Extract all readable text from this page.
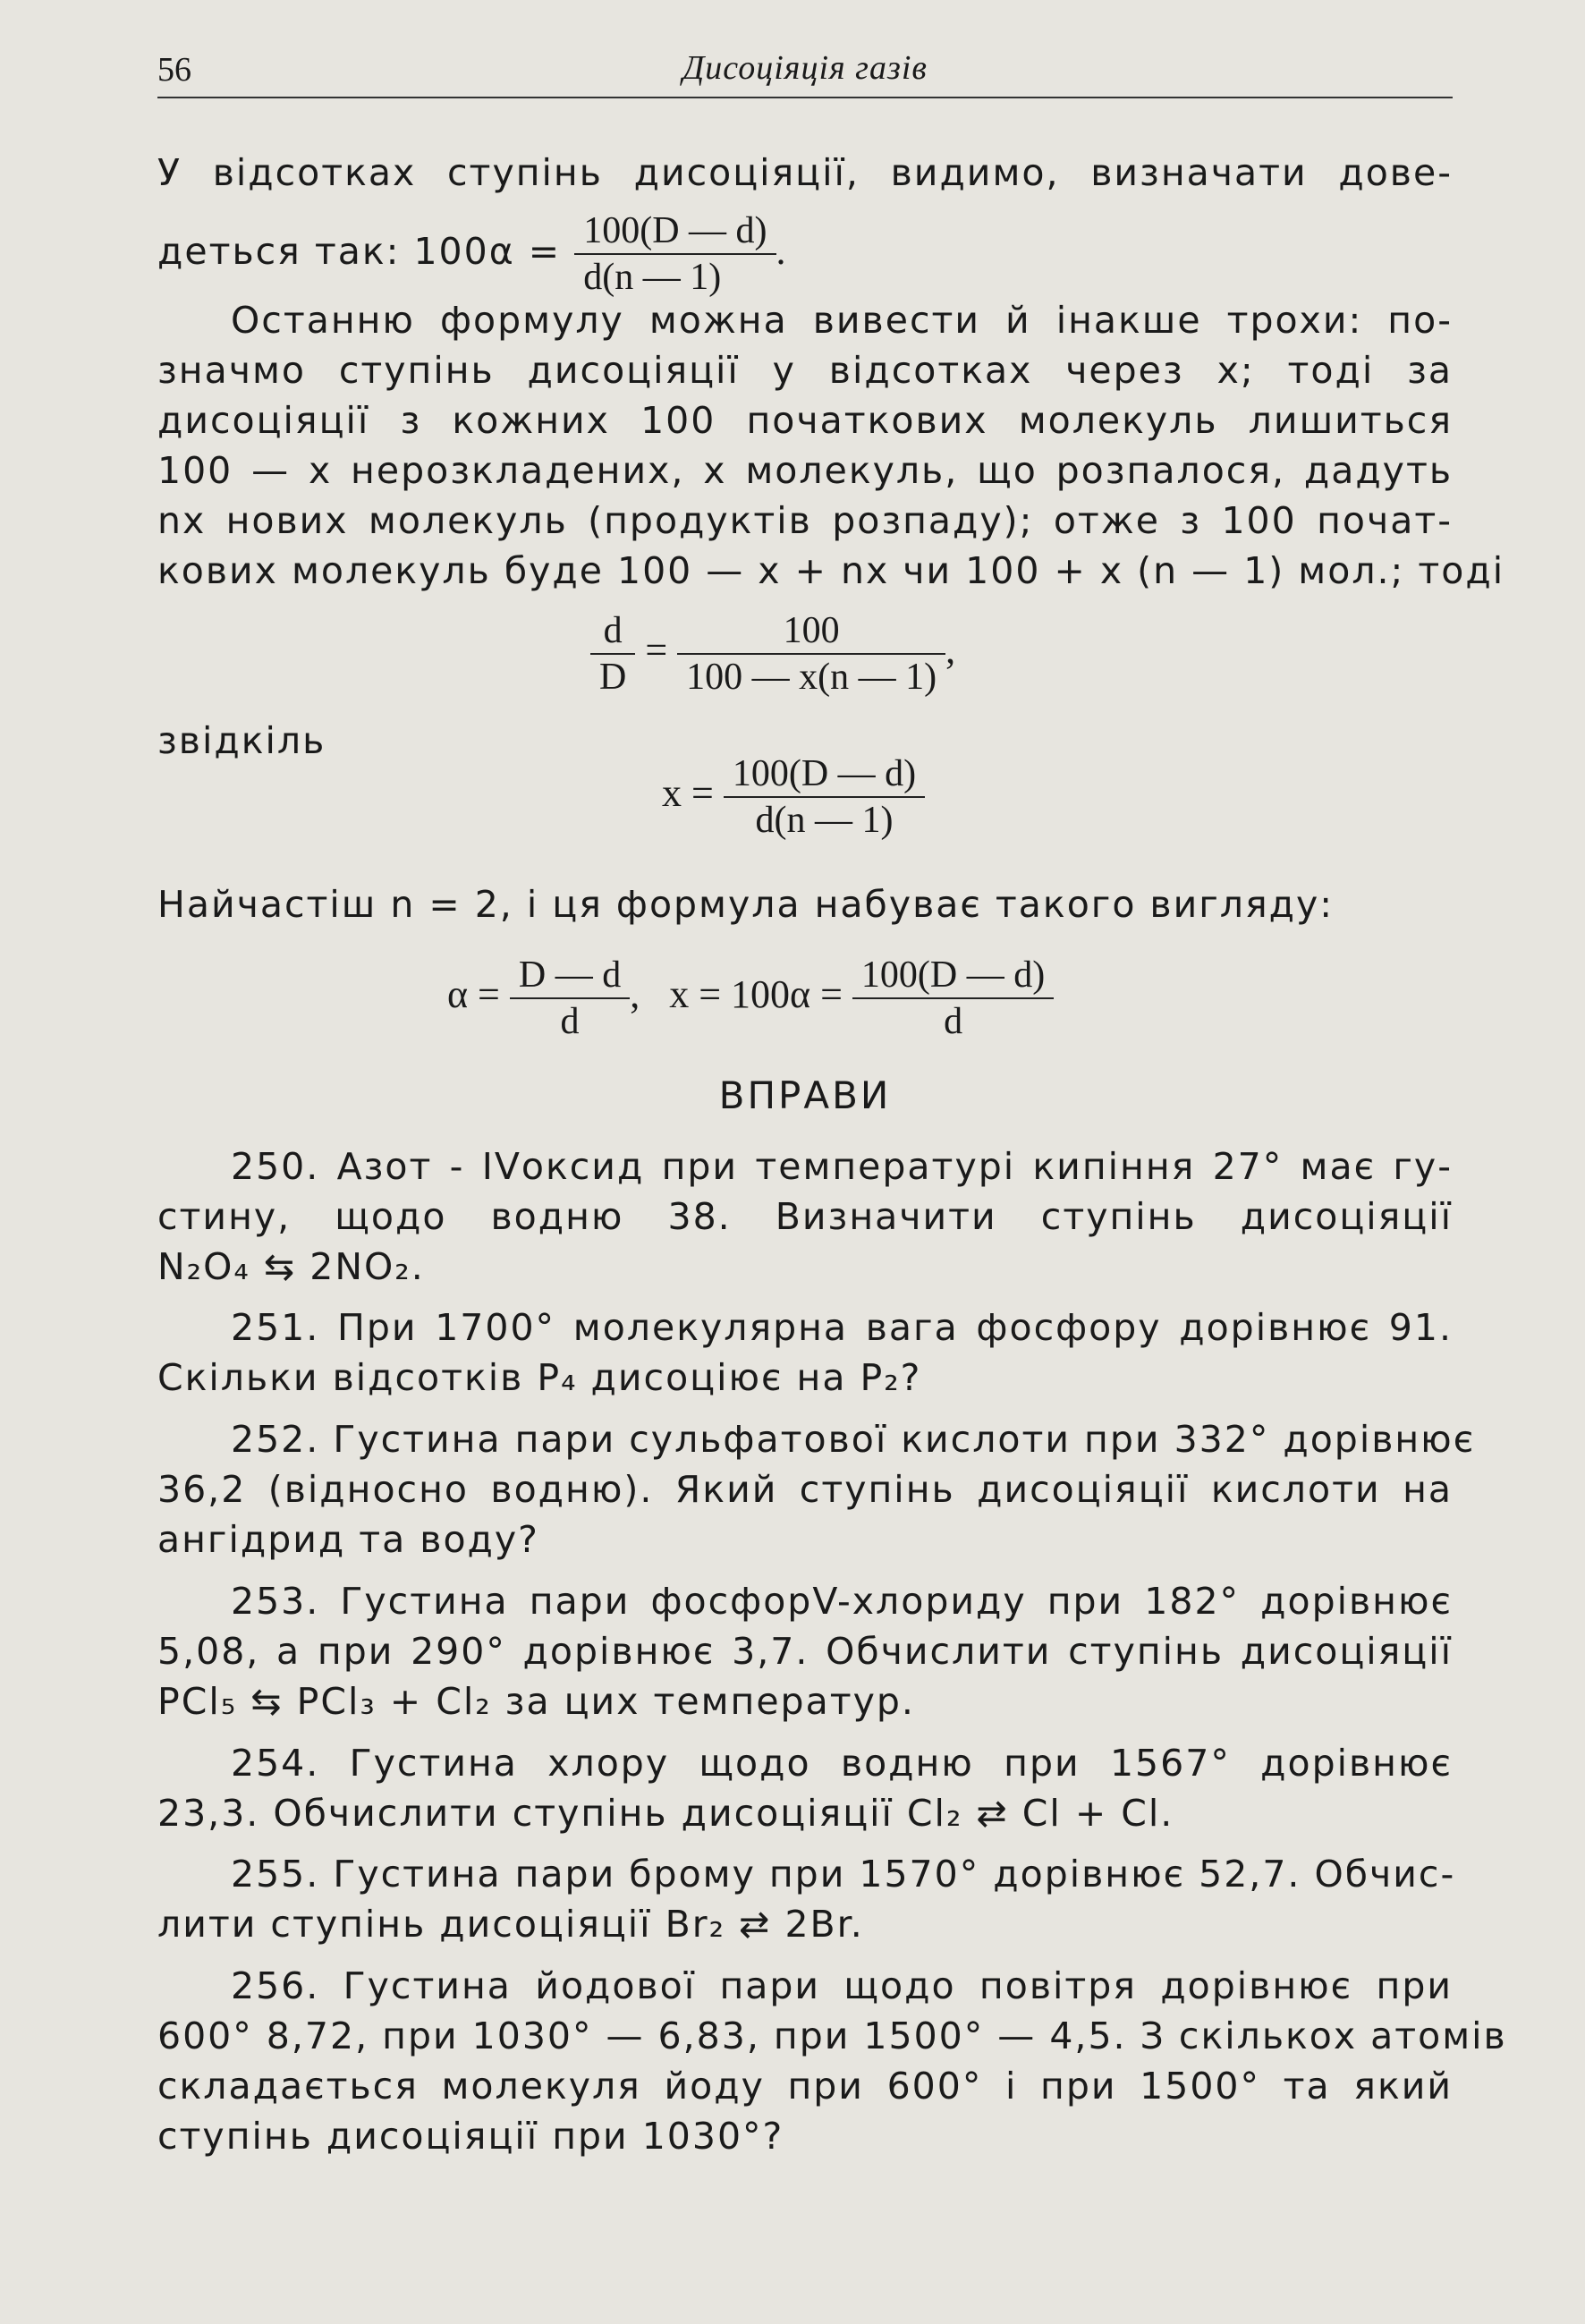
56	Дисоціяція газів
У відсотках ступінь дисоціяції, видимо, визначати дове-
деться так: $100\alpha = \frac{100(D — d)}{d(n — 1)}$ .
Останню формулу можна вивести й інакше трохи: по-
значмо ступінь дисоціяції у відсотках через x; тоді за
дисоціяції з кожних 100 початкових молекуль лишиться
100 — x нерозкладених, x молекуль, що розпалося, дадуть
nx нових молекуль (продуктів розпаду); отже з 100 почат-
кових молекуль буде 100 — x + nx чи 100 + x (n — 1) мол.; тоді
$\frac{d}{D} = \frac{100}{100 — x(n — 1)}$ ,
звідкіль
$x = \frac{100(D — d)}{d(n — 1)}$
Найчастіш n = 2, і ця формула набуває такого вигляду:
$\alpha = \frac{D — d}{d}$ , $x = 100\alpha = \frac{100(D — d)}{d}$
ВПРАВИ
250. Азот - IVоксид при температурі кипіння 27° має гу-
стину, щодо водню 38. Визначити ступінь дисоціяції
N₂O₄ ⇆ 2NO₂.
251. При 1700° молекулярна вага фосфору дорівнює 91.
Скільки відсотків P₄ дисоціює на P₂?
252. Густина пари сульфатової кислоти при 332° дорівнює
36,2 (відносно водню). Який ступінь дисоціяції кислоти на
ангідрид та воду?
253. Густина пари фосфорV-хлориду при 182° дорівнює
5,08, а при 290° дорівнює 3,7. Обчислити ступінь дисоціяції
PCl₅ ⇆ PCl₃ + Cl₂ за цих температур.
254. Густина хлору щодо водню при 1567° дорівнює
23,3. Обчислити ступінь дисоціяції Cl₂ ⇄ Cl + Cl.
255. Густина пари брому при 1570° дорівнює 52,7. Обчис-
лити ступінь дисоціяції Br₂ ⇄ 2Br.
256. Густина йодової пари щодо повітря дорівнює при
600° 8,72, при 1030° — 6,83, при 1500° — 4,5. З скількох атомів
складається молекуля йоду при 600° і при 1500° та який
ступінь дисоціяції при 1030°?
